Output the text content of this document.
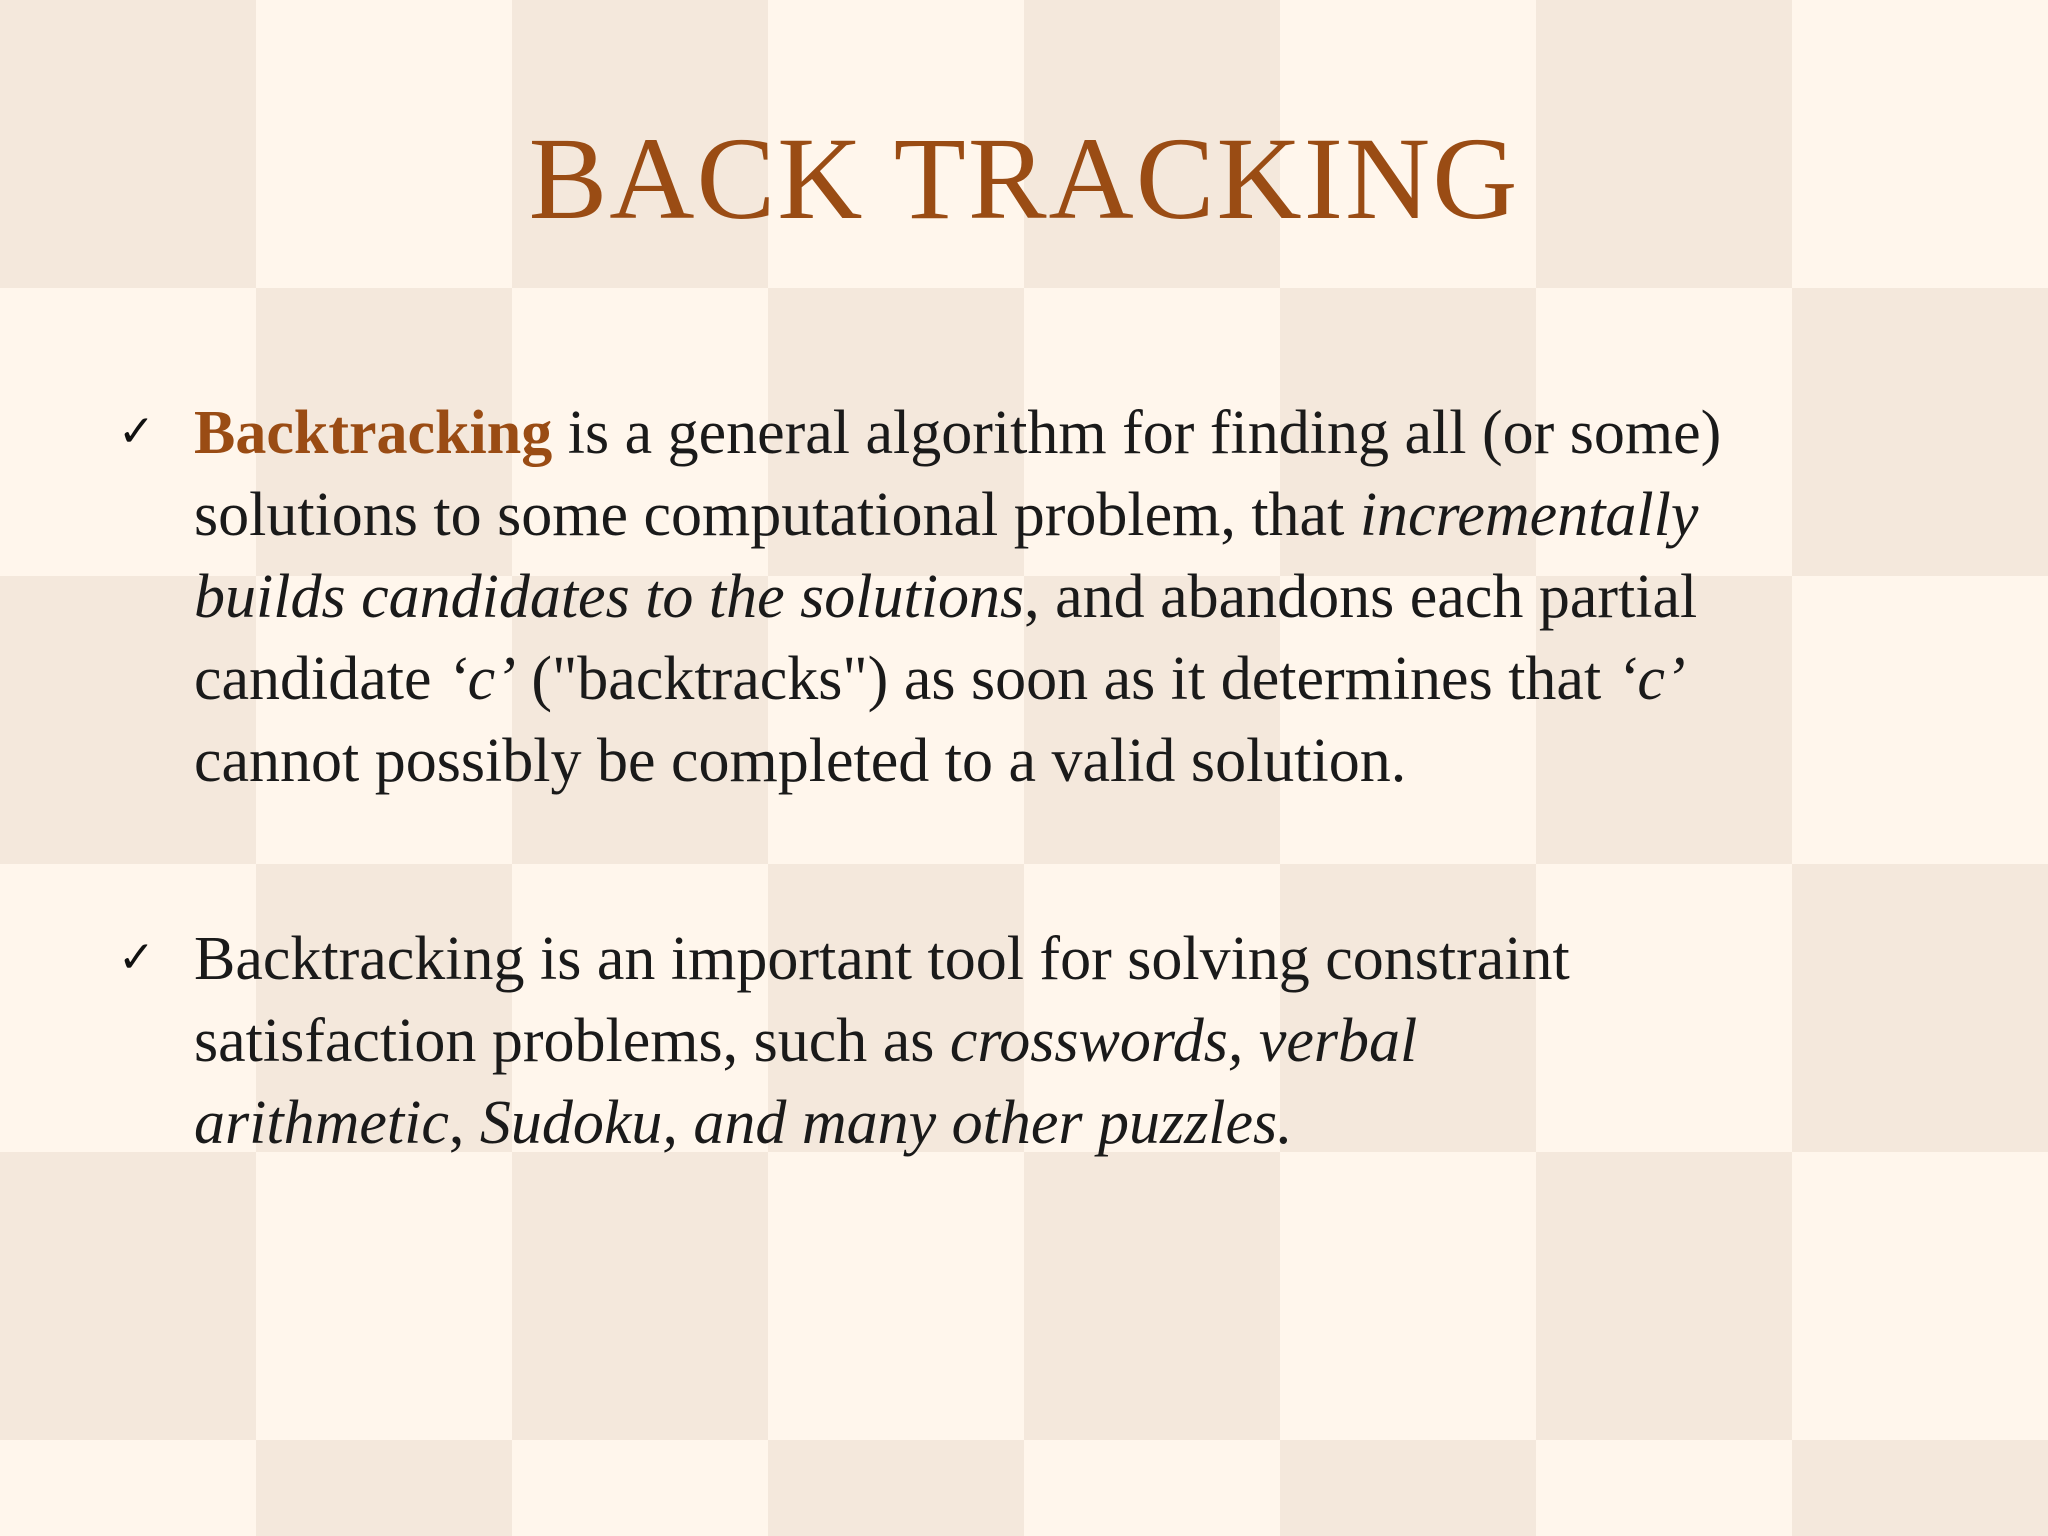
BACK TRACKING
✓ Backtracking is a general algorithm for finding all (or some)
solutions to some computational problem, that incrementally
builds candidates to the solutions, and abandons each partial
candidate ‘c’ ("backtracks") as soon as it determines that ‘c’
cannot possibly be completed to a valid solution.
✓ Backtracking is an important tool for solving constraint
satisfaction problems, such as crosswords, verbal
arithmetic, Sudoku, and many other puzzles.
